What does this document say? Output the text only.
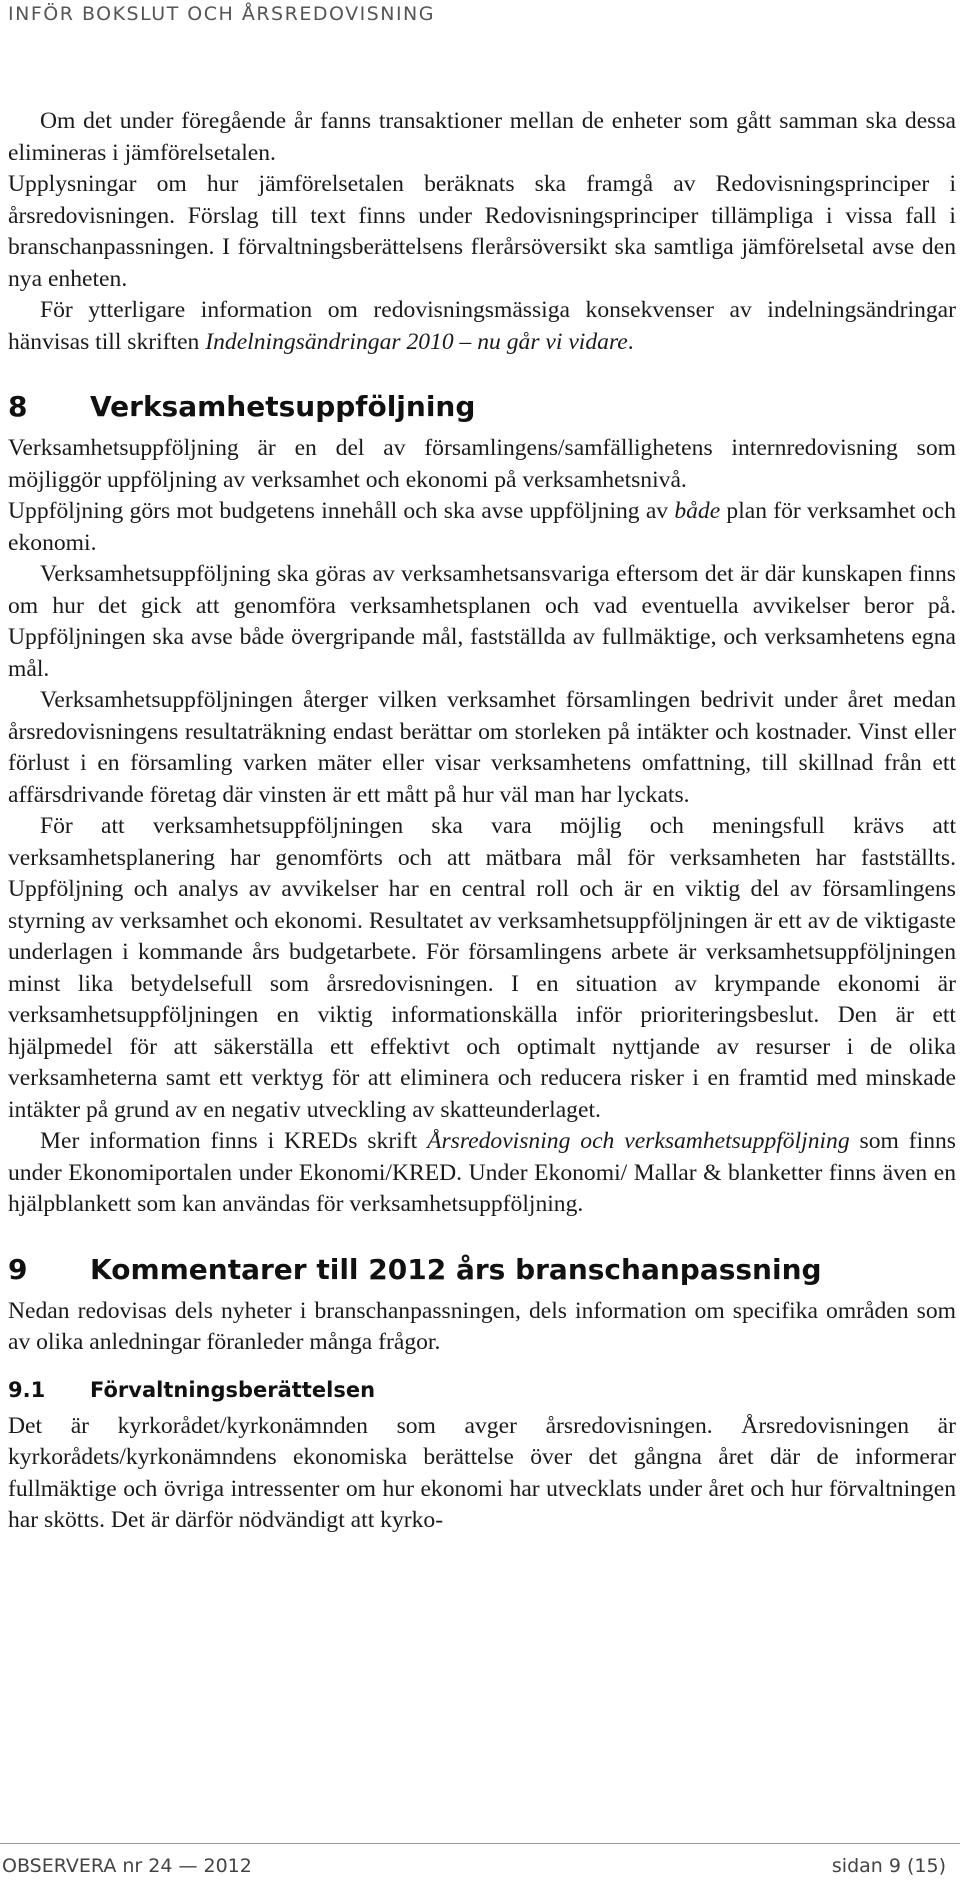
INFÖR BOKSLUT OCH ÅRSREDOVISNING

Om det under föregående år fanns transaktioner mellan de enheter som gått samman ska dessa elimineras i jämförelsetalen.

Upplysningar om hur jämförelsetalen beräknats ska framgå av Redovisningsprinciper i årsredovisningen. Förslag till text finns under Redovisningsprinciper tillämpliga i vissa fall i branschanpassningen. I förvaltningsberättelsens flerårsöversikt ska samtliga jämförelsetal avse den nya enheten.

För ytterligare information om redovisningsmässiga konsekvenser av indelningsändringar hänvisas till skriften Indelningsändringar 2010 – nu går vi vidare.

8 Verksamhetsuppföljning

Verksamhetsuppföljning är en del av församlingens/samfällighetens internredovisning som möjliggör uppföljning av verksamhet och ekonomi på verksamhetsnivå.

Uppföljning görs mot budgetens innehåll och ska avse uppföljning av både plan för verksamhet och ekonomi.

Verksamhetsuppföljning ska göras av verksamhetsansvariga eftersom det är där kunskapen finns om hur det gick att genomföra verksamhetsplanen och vad eventuella avvikelser beror på. Uppföljningen ska avse både övergripande mål, fastställda av fullmäktige, och verksamhetens egna mål.

Verksamhetsuppföljningen återger vilken verksamhet församlingen bedrivit under året medan årsredovisningens resultaträkning endast berättar om storleken på intäkter och kostnader. Vinst eller förlust i en församling varken mäter eller visar verksamhetens omfattning, till skillnad från ett affärsdrivande företag där vinsten är ett mått på hur väl man har lyckats.

För att verksamhetsuppföljningen ska vara möjlig och meningsfull krävs att verksamhetsplanering har genomförts och att mätbara mål för verksamheten har fastställts. Uppföljning och analys av avvikelser har en central roll och är en viktig del av församlingens styrning av verksamhet och ekonomi. Resultatet av verksamhetsuppföljningen är ett av de viktigaste underlagen i kommande års budgetarbete. För församlingens arbete är verksamhetsuppföljningen minst lika betydelsefull som årsredovisningen. I en situation av krympande ekonomi är verksamhetsuppföljningen en viktig informationskälla inför prioriteringsbeslut. Den är ett hjälpmedel för att säkerställa ett effektivt och optimalt nyttjande av resurser i de olika verksamheterna samt ett verktyg för att eliminera och reducera risker i en framtid med minskade intäkter på grund av en negativ utveckling av skatteunderlaget.

Mer information finns i KREDs skrift Årsredovisning och verksamhetsuppföljning som finns under Ekonomiportalen under Ekonomi/KRED. Under Ekonomi/ Mallar & blanketter finns även en hjälpblankett som kan användas för verksamhetsuppföljning.

9 Kommentarer till 2012 års branschanpassning

Nedan redovisas dels nyheter i branschanpassningen, dels information om specifika områden som av olika anledningar föranleder många frågor.

9.1 Förvaltningsberättelsen

Det är kyrkorådet/kyrkonämnden som avger årsredovisningen. Årsredovisningen är kyrkorådets/kyrkonämndens ekonomiska berättelse över det gångna året där de informerar fullmäktige och övriga intressenter om hur ekonomi har utvecklats under året och hur förvaltningen har skötts. Det är därför nödvändigt att kyrko-

OBSERVERA nr 24 — 2012	sidan 9 (15)
